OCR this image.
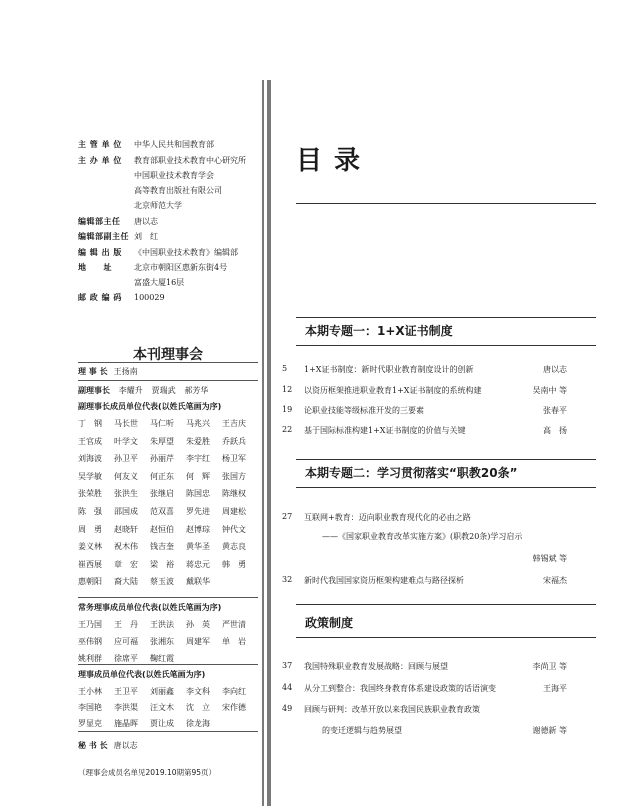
主 管 单 位 中华人民共和国教育部
主 办 单 位 教育部职业技术教育中心研究所
中国职业技术教育学会
高等教育出版社有限公司
北京师范大学
编辑部主任 唐以志
编辑部副主任 刘　红
编 辑 出 版 《中国职业技术教育》编辑部
地　　址	北京市朝阳区惠新东街4号
富盛大厦16层
邮 政 编 码 100029
本刊理事会
理 事 长 王扬南
副理事长 李耀升 贾瑞武 郝芳华
副理事长成员单位代表(以姓氏笔画为序)
丁　钢	马长世	马仁听	马兆兴	王吉庆
王官成	叶学文	朱厚望	朱爱胜	乔跃兵
刘海波	孙卫平	孙丽芹	李宇红	杨卫军
吴学敏	何友义	何正东	何　辉	张国方
张荣胜	张洪生	张继启	陈国忠	陈继权
陈　强	邵国成	范双喜	罗先进	周建松
周　勇	赵晓轩	赵恒伯	赵博琮	钟代文
姜义林	祝木伟	钱吉奎	黄华圣	黄志良
崔西展	章　宏	梁　裕	蒋忠元	韩　勇
惠朝阳	裔大陆	蔡玉波	戴联华
常务理事成员单位代表(以姓氏笔画为序)
王乃国	王　丹	王洪法	孙　英	严世清
巫伟钢	应可福	张湘东	周建军	单　岩
姚利群	徐席平	鞠红霞
理事成员单位代表(以姓氏笔画为序)
王小林	王卫平	刘丽鑫	李文科	李向红
李国艳	李洪渠	汪文木	沈　立	宋作德
罗显克	施晶晖	贾让成	徐龙海
秘 书 长 唐以志
（理事会成员名单见2019.10期第95页）
目录
本期专题一：1+X证书制度
5	1+X证书制度：新时代职业教育制度设计的创新	唐以志
12	以资历框架推进职业教育1+X证书制度的系统构建	吴南中 等
19	论职业技能等级标准开发的三要素	张春平
22	基于国际标准构建1+X证书制度的价值与关键	高　扬
本期专题二：学习贯彻落实“职教20条”
27	互联网+教育：迈向职业教育现代化的必由之路
——《国家职业教育改革实施方案》(职教20条)学习启示
韩锡斌 等
32	新时代我国国家资历框架构建难点与路径探析	宋福杰
政策制度
37	我国特殊职业教育发展战略：回顾与展望	李尚卫 等
44	从分工到整合：我国终身教育体系建设政策的话语演变	王海平
49	回顾与研判：改革开放以来我国民族职业教育政策
的变迁逻辑与趋势展望	谢德新 等
